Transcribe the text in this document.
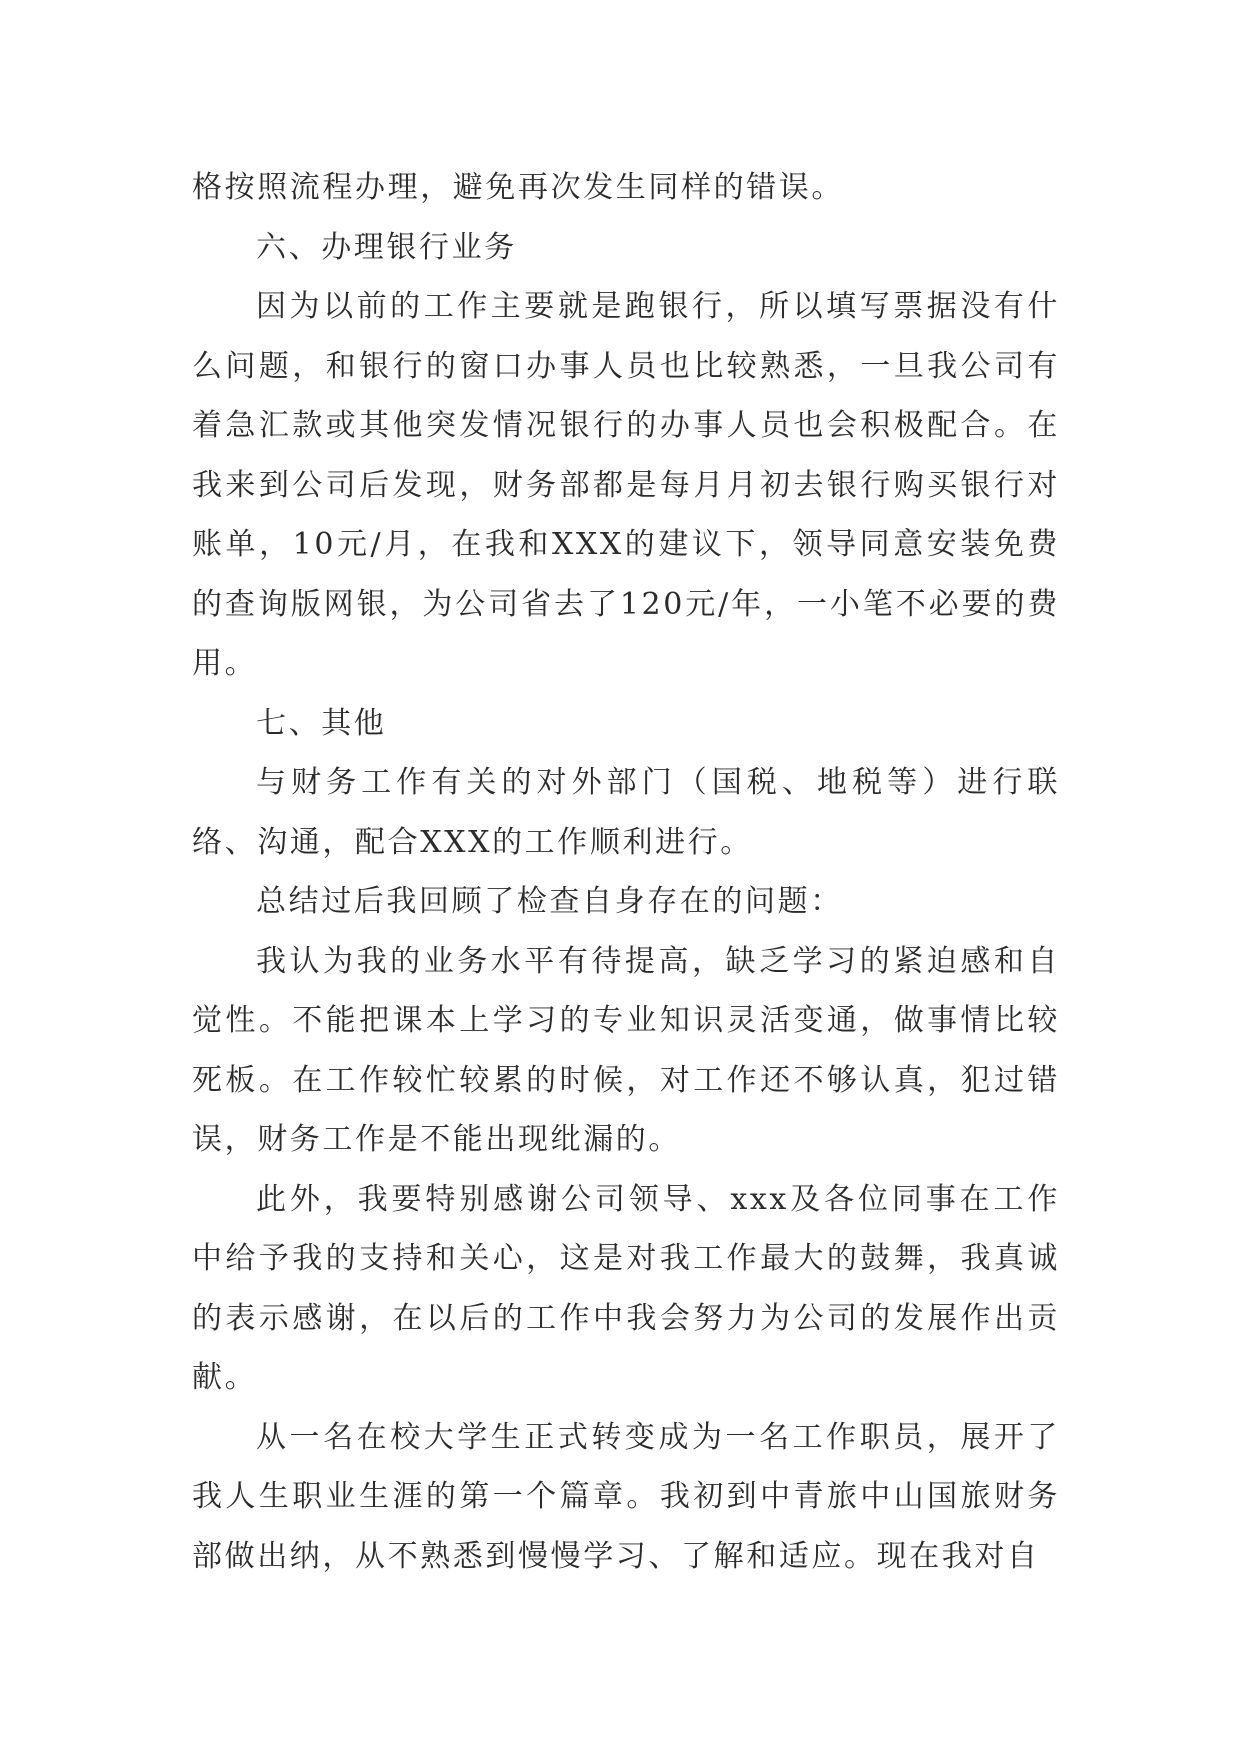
格按照流程办理，避免再次发生同样的错误。

六、办理银行业务

因为以前的工作主要就是跑银行，所以填写票据没有什么问题，和银行的窗口办事人员也比较熟悉，一旦我公司有着急汇款或其他突发情况银行的办事人员也会积极配合。在我来到公司后发现，财务部都是每月月初去银行购买银行对账单，10元/月，在我和XXX的建议下，领导同意安装免费的查询版网银，为公司省去了120元/年，一小笔不必要的费用。

七、其他

与财务工作有关的对外部门（国税、地税等）进行联络、沟通，配合XXX的工作顺利进行。

总结过后我回顾了检查自身存在的问题：

我认为我的业务水平有待提高，缺乏学习的紧迫感和自觉性。不能把课本上学习的专业知识灵活变通，做事情比较死板。在工作较忙较累的时候，对工作还不够认真，犯过错误，财务工作是不能出现纰漏的。

此外，我要特别感谢公司领导、xxx及各位同事在工作中给予我的支持和关心，这是对我工作最大的鼓舞，我真诚的表示感谢，在以后的工作中我会努力为公司的发展作出贡献。

从一名在校大学生正式转变成为一名工作职员，展开了我人生职业生涯的第一个篇章。我初到中青旅中山国旅财务部做出纳，从不熟悉到慢慢学习、了解和适应。现在我对自
